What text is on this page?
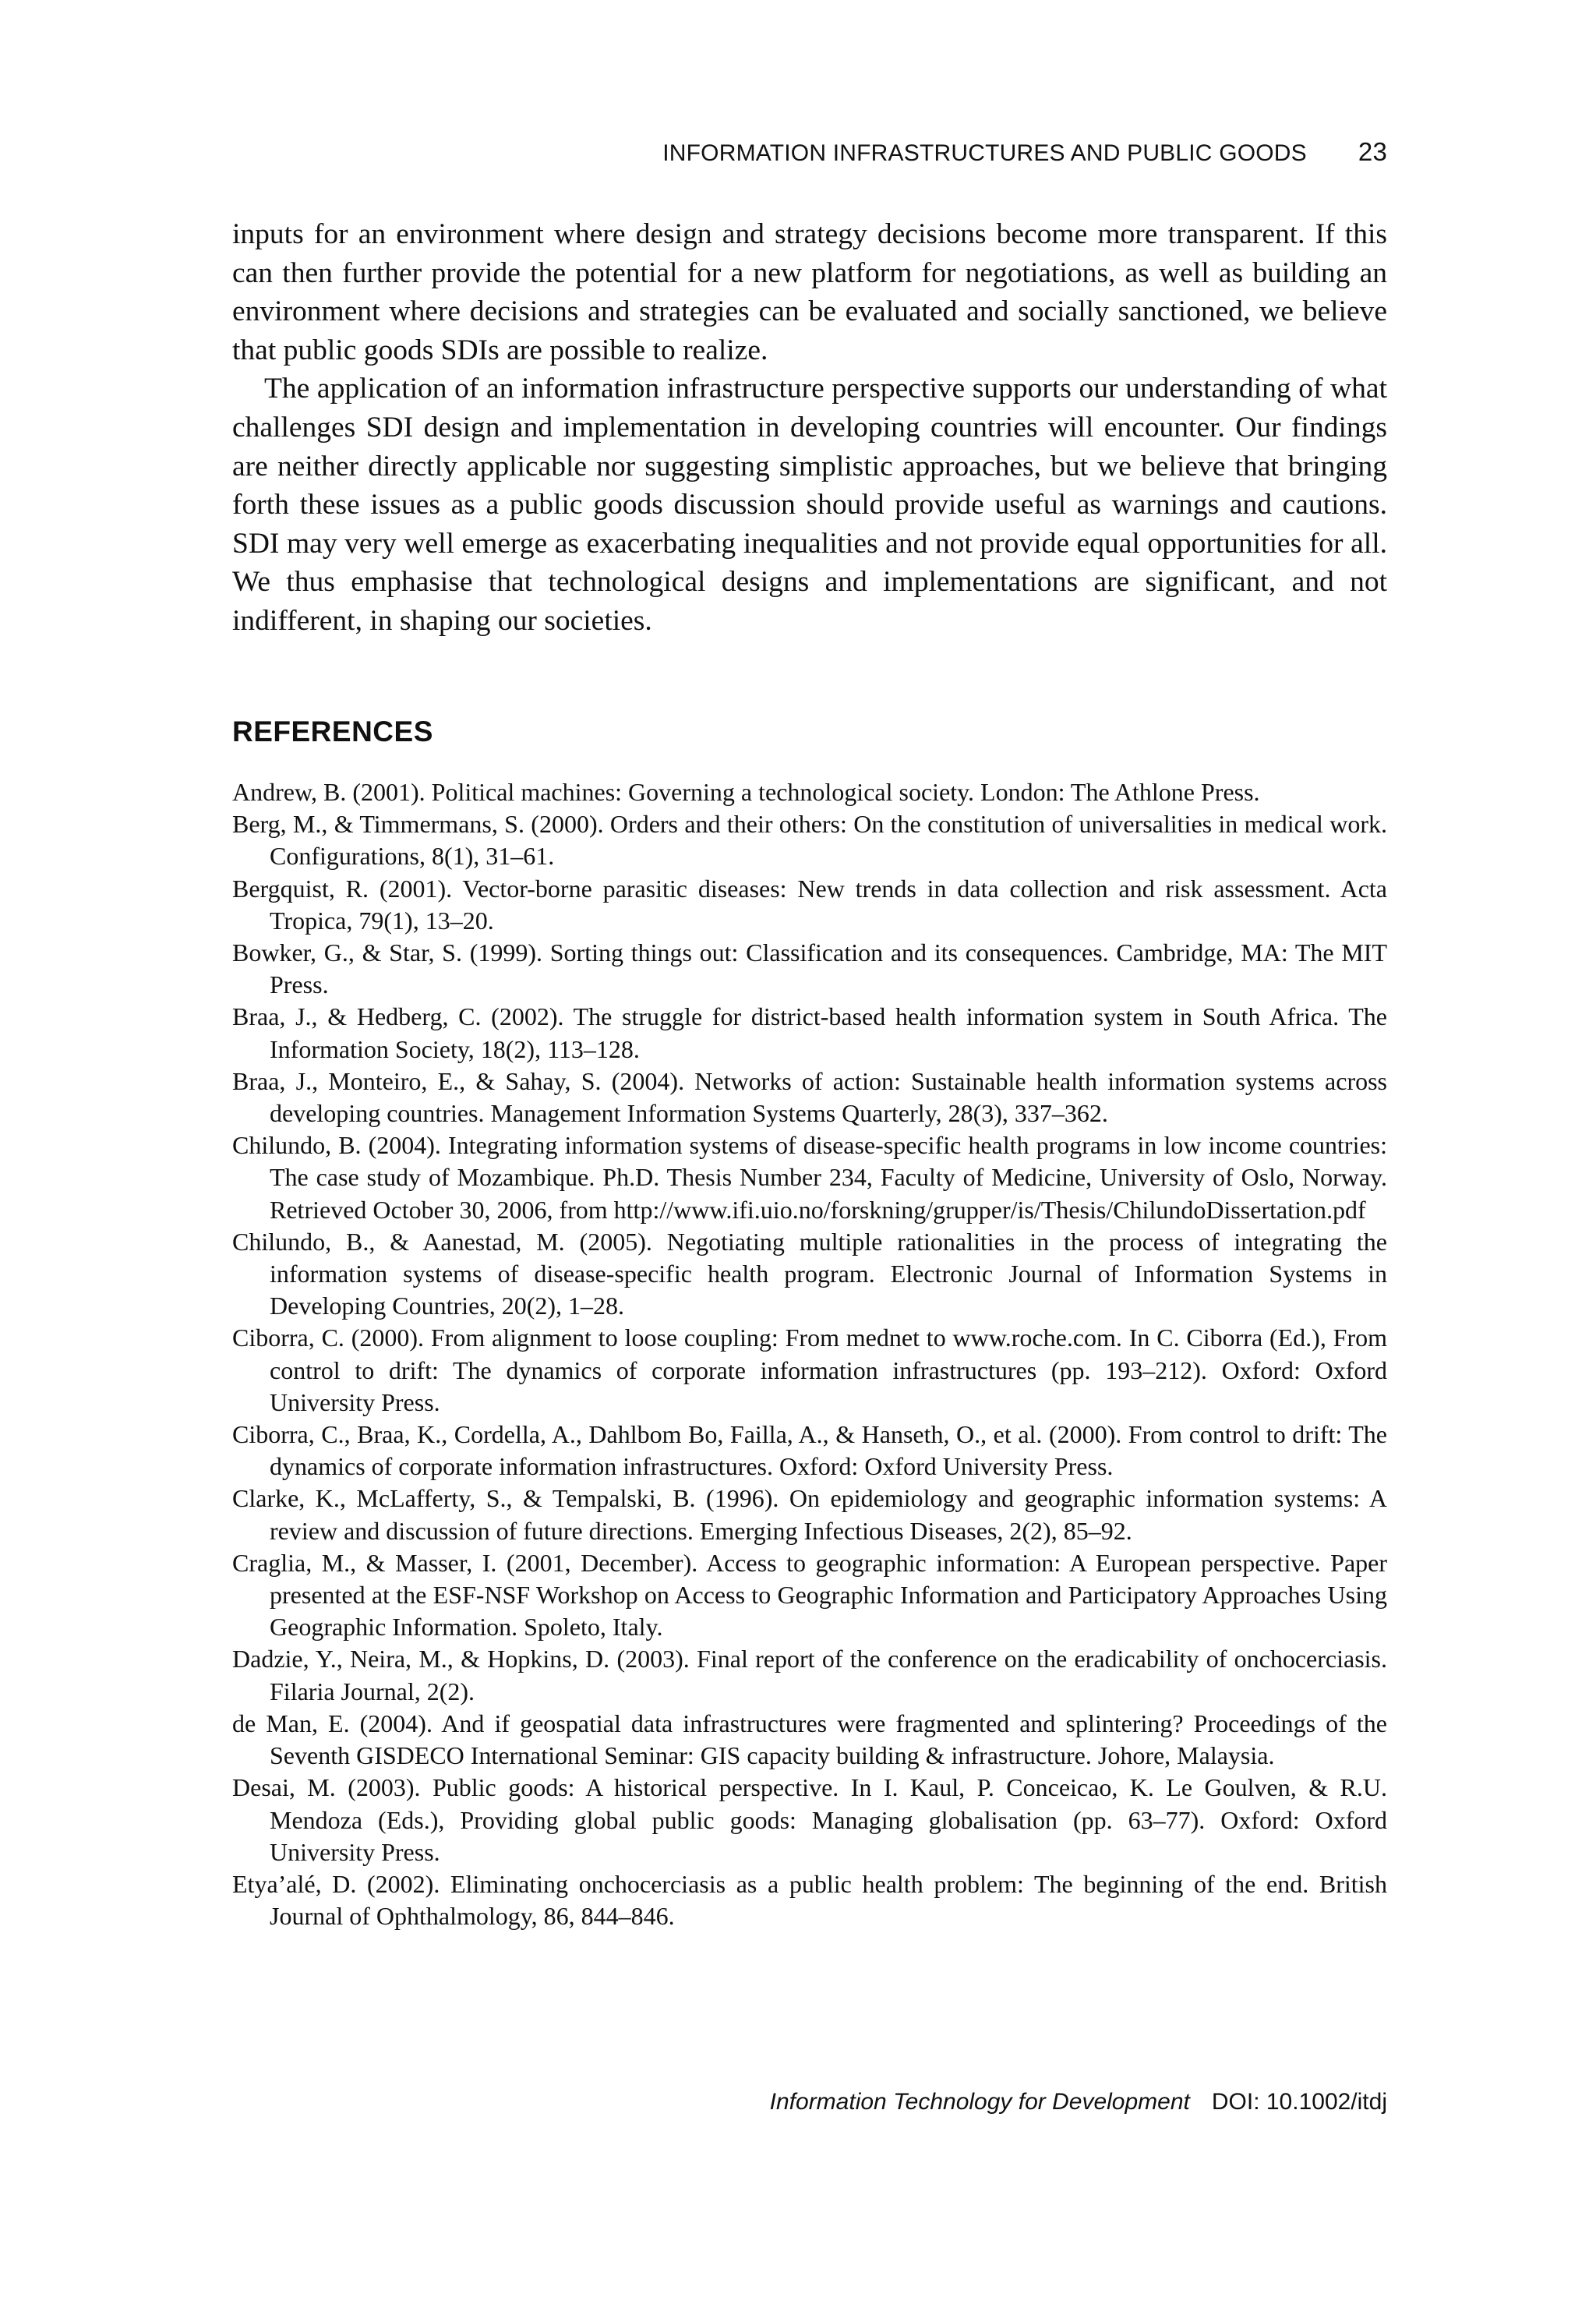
INFORMATION INFRASTRUCTURES AND PUBLIC GOODS 23

inputs for an environment where design and strategy decisions become more transparent. If this can then further provide the potential for a new platform for negotiations, as well as building an environment where decisions and strategies can be evaluated and socially sanctioned, we believe that public goods SDIs are possible to realize.

The application of an information infrastructure perspective supports our understanding of what challenges SDI design and implementation in developing countries will encounter. Our findings are neither directly applicable nor suggesting simplistic approaches, but we believe that bringing forth these issues as a public goods discussion should provide useful as warnings and cautions. SDI may very well emerge as exacerbating inequalities and not provide equal opportunities for all. We thus emphasise that technological designs and implementations are significant, and not indifferent, in shaping our societies.

REFERENCES
Andrew, B. (2001). Political machines: Governing a technological society. London: The Athlone Press.
Berg, M., & Timmermans, S. (2000). Orders and their others: On the constitution of universalities in medical work. Configurations, 8(1), 31–61.
Bergquist, R. (2001). Vector-borne parasitic diseases: New trends in data collection and risk assessment. Acta Tropica, 79(1), 13–20.
Bowker, G., & Star, S. (1999). Sorting things out: Classification and its consequences. Cambridge, MA: The MIT Press.
Braa, J., & Hedberg, C. (2002). The struggle for district-based health information system in South Africa. The Information Society, 18(2), 113–128.
Braa, J., Monteiro, E., & Sahay, S. (2004). Networks of action: Sustainable health information systems across developing countries. Management Information Systems Quarterly, 28(3), 337–362.
Chilundo, B. (2004). Integrating information systems of disease-specific health programs in low income countries: The case study of Mozambique. Ph.D. Thesis Number 234, Faculty of Medicine, University of Oslo, Norway. Retrieved October 30, 2006, from http://www.ifi.uio.no/forskning/grupper/is/Thesis/ChilundoDissertation.pdf
Chilundo, B., & Aanestad, M. (2005). Negotiating multiple rationalities in the process of integrating the information systems of disease-specific health program. Electronic Journal of Information Systems in Developing Countries, 20(2), 1–28.
Ciborra, C. (2000). From alignment to loose coupling: From mednet to www.roche.com. In C. Ciborra (Ed.), From control to drift: The dynamics of corporate information infrastructures (pp. 193–212). Oxford: Oxford University Press.
Ciborra, C., Braa, K., Cordella, A., Dahlbom Bo, Failla, A., & Hanseth, O., et al. (2000). From control to drift: The dynamics of corporate information infrastructures. Oxford: Oxford University Press.
Clarke, K., McLafferty, S., & Tempalski, B. (1996). On epidemiology and geographic information systems: A review and discussion of future directions. Emerging Infectious Diseases, 2(2), 85–92.
Craglia, M., & Masser, I. (2001, December). Access to geographic information: A European perspective. Paper presented at the ESF-NSF Workshop on Access to Geographic Information and Participatory Approaches Using Geographic Information. Spoleto, Italy.
Dadzie, Y., Neira, M., & Hopkins, D. (2003). Final report of the conference on the eradicability of onchocerciasis. Filaria Journal, 2(2).
de Man, E. (2004). And if geospatial data infrastructures were fragmented and splintering? Proceedings of the Seventh GISDECO International Seminar: GIS capacity building & infrastructure. Johore, Malaysia.
Desai, M. (2003). Public goods: A historical perspective. In I. Kaul, P. Conceicao, K. Le Goulven, & R.U. Mendoza (Eds.), Providing global public goods: Managing globalisation (pp. 63–77). Oxford: Oxford University Press.
Etya’alé, D. (2002). Eliminating onchocerciasis as a public health problem: The beginning of the end. British Journal of Ophthalmology, 86, 844–846.
Information Technology for Development DOI: 10.1002/itdj
